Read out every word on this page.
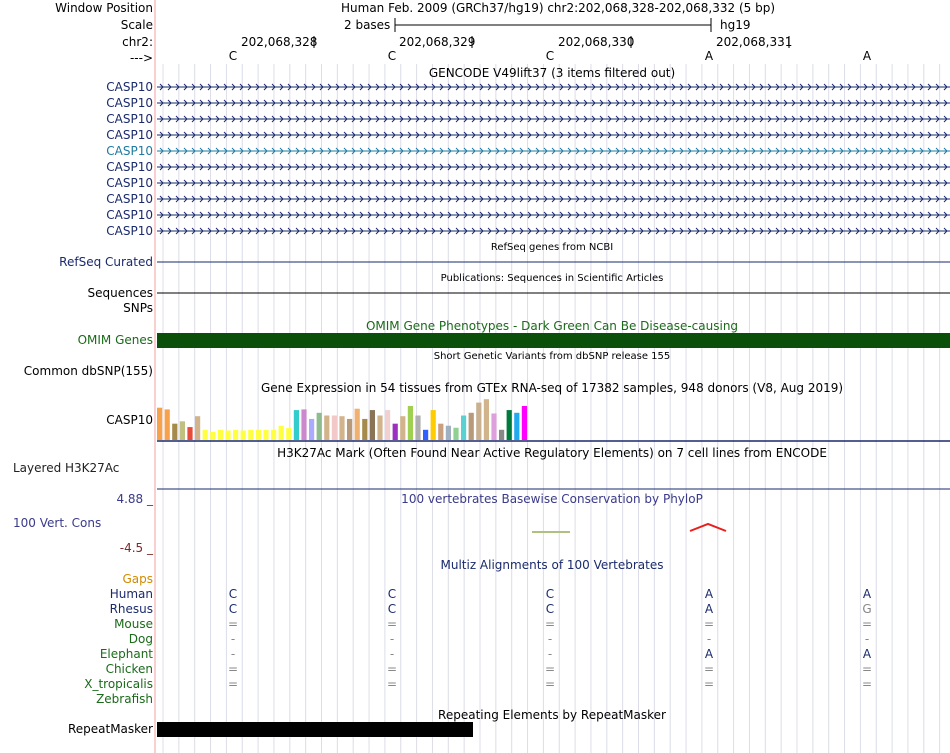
Window Position	Human Feb. 2009 (GRCh37/hg19) chr2:202,068,328-202,068,332 (5 bp)
Scale	2 bases	hg19
chr2:	202,068,328	202,068,329	202,068,330	202,068,331
--->	C	C	C	A	A
GENCODE V49lift37 (3 items filtered out)
CASP10
CASP10
CASP10
CASP10
CASP10
CASP10
CASP10
CASP10
CASP10
CASP10
RefSeq genes from NCBI
RefSeq Curated
Publications: Sequences in Scientific Articles
Sequences
SNPs
OMIM Gene Phenotypes - Dark Green Can Be Disease-causing
OMIM Genes
Short Genetic Variants from dbSNP release 155
Common dbSNP(155)
Gene Expression in 54 tissues from GTEx RNA-seq of 17382 samples, 948 donors (V8, Aug 2019)
CASP10
H3K27Ac Mark (Often Found Near Active Regulatory Elements) on 7 cell lines from ENCODE
Layered H3K27Ac
4.88 _	100 vertebrates Basewise Conservation by PhyloP
100 Vert. Cons
-4.5 _
Multiz Alignments of 100 Vertebrates
Gaps
Human	C	C	C	A	A
Rhesus	C	C	C	A	G
Mouse	=	=	=	=	=
Dog	-	-	-	-	-
Elephant	-	-	-	A	A
Chicken	=	=	=	=	=
X_tropicalis	=	=	=	=	=
Zebrafish
Repeating Elements by RepeatMasker
RepeatMasker
